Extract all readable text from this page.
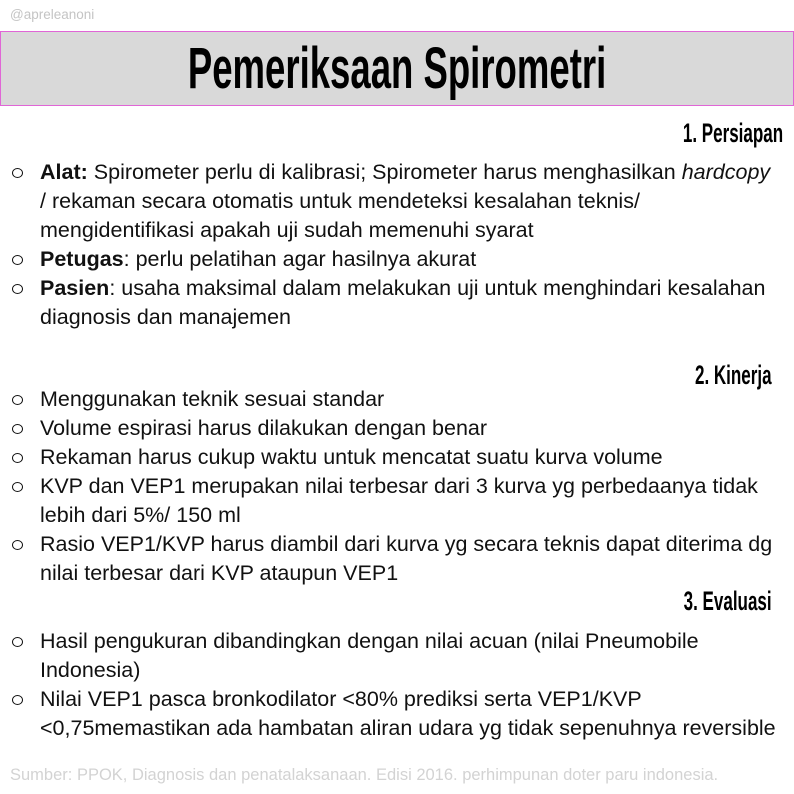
@apreleanoni
Pemeriksaan Spirometri
1. Persiapan
Alat: Spirometer perlu di kalibrasi; Spirometer harus menghasilkan hardcopy
/ rekaman secara otomatis untuk mendeteksi kesalahan teknis/
mengidentifikasi apakah uji sudah memenuhi syarat
Petugas: perlu pelatihan agar hasilnya akurat
Pasien: usaha maksimal dalam melakukan uji untuk menghindari kesalahan
diagnosis dan manajemen
2. Kinerja
Menggunakan teknik sesuai standar
Volume espirasi harus dilakukan dengan benar
Rekaman harus cukup waktu untuk mencatat suatu kurva volume
KVP dan VEP1 merupakan nilai terbesar dari 3 kurva yg perbedaanya tidak
lebih dari 5%/ 150 ml
Rasio VEP1/KVP harus diambil dari kurva yg secara teknis dapat diterima dg
nilai terbesar dari KVP ataupun VEP1
3. Evaluasi
Hasil pengukuran dibandingkan dengan nilai acuan (nilai Pneumobile
Indonesia)
Nilai VEP1 pasca bronkodilator <80% prediksi serta VEP1/KVP
<0,75memastikan ada hambatan aliran udara yg tidak sepenuhnya reversible
Sumber: PPOK, Diagnosis dan penatalaksanaan. Edisi 2016. perhimpunan doter paru indonesia.
